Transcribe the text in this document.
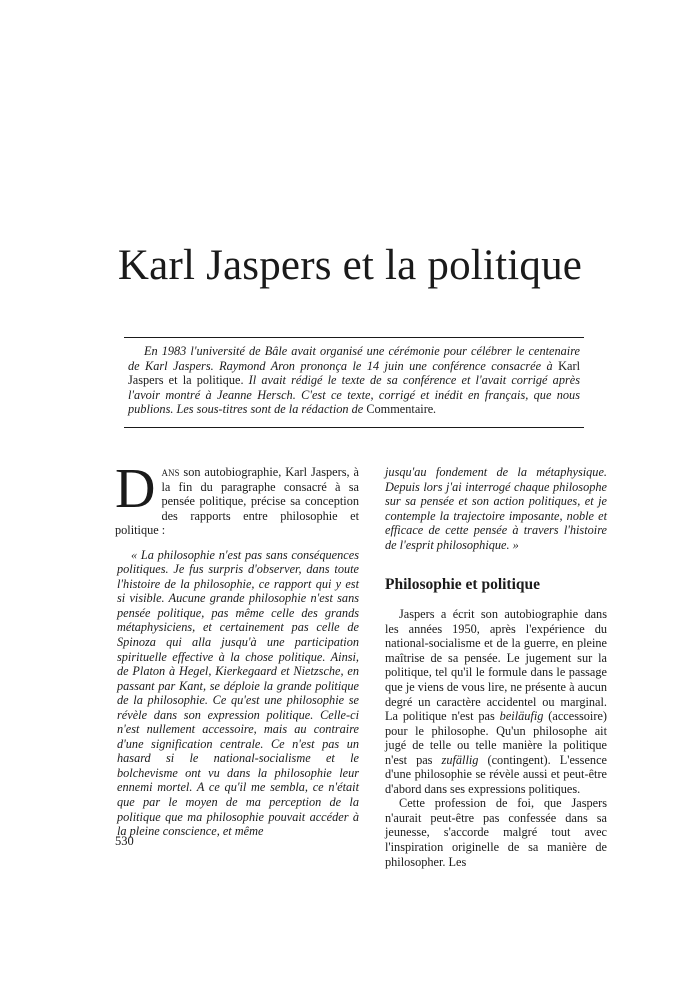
Karl Jaspers et la politique

En 1983 l'université de Bâle avait organisé une cérémonie pour célébrer le centenaire de Karl Jaspers. Raymond Aron prononça le 14 juin une conférence consacrée à Karl Jaspers et la politique. Il avait rédigé le texte de sa conférence et l'avait corrigé après l'avoir montré à Jeanne Hersch. C'est ce texte, corrigé et inédit en français, que nous publions. Les sous-titres sont de la rédaction de Commentaire.

Dans son autobiographie, Karl Jaspers, à la fin du paragraphe consacré à sa pensée politique, précise sa conception des rapports entre philosophie et politique :

« La philosophie n'est pas sans conséquences politiques. Je fus surpris d'observer, dans toute l'histoire de la philosophie, ce rapport qui y est si visible. Aucune grande philosophie n'est sans pensée politique, pas même celle des grands métaphysiciens, et certainement pas celle de Spinoza qui alla jusqu'à une participation spirituelle effective à la chose politique. Ainsi, de Platon à Hegel, Kierkegaard et Nietzsche, en passant par Kant, se déploie la grande politique de la philosophie. Ce qu'est une philosophie se révèle dans son expression politique. Celle-ci n'est nullement accessoire, mais au contraire d'une signification centrale. Ce n'est pas un hasard si le national-socialisme et le bolchevisme ont vu dans la philosophie leur ennemi mortel. A ce qu'il me sembla, ce n'était que par le moyen de ma perception de la politique que ma philosophie pouvait accéder à la pleine conscience, et même

jusqu'au fondement de la métaphysique. Depuis lors j'ai interrogé chaque philosophe sur sa pensée et son action politiques, et je contemple la trajectoire imposante, noble et efficace de cette pensée à travers l'histoire de l'esprit philosophique. »

Philosophie et politique

Jaspers a écrit son autobiographie dans les années 1950, après l'expérience du national-socialisme et de la guerre, en pleine maîtrise de sa pensée. Le jugement sur la politique, tel qu'il le formule dans le passage que je viens de vous lire, ne présente à aucun degré un caractère accidentel ou marginal. La politique n'est pas beiläufig (accessoire) pour le philosophe. Qu'un philosophe ait jugé de telle ou telle manière la politique n'est pas zufällig (contingent). L'essence d'une philosophie se révèle aussi et peut-être d'abord dans ses expressions politiques.

Cette profession de foi, que Jaspers n'aurait peut-être pas confessée dans sa jeunesse, s'accorde malgré tout avec l'inspiration originelle de sa manière de philosopher. Les

530
